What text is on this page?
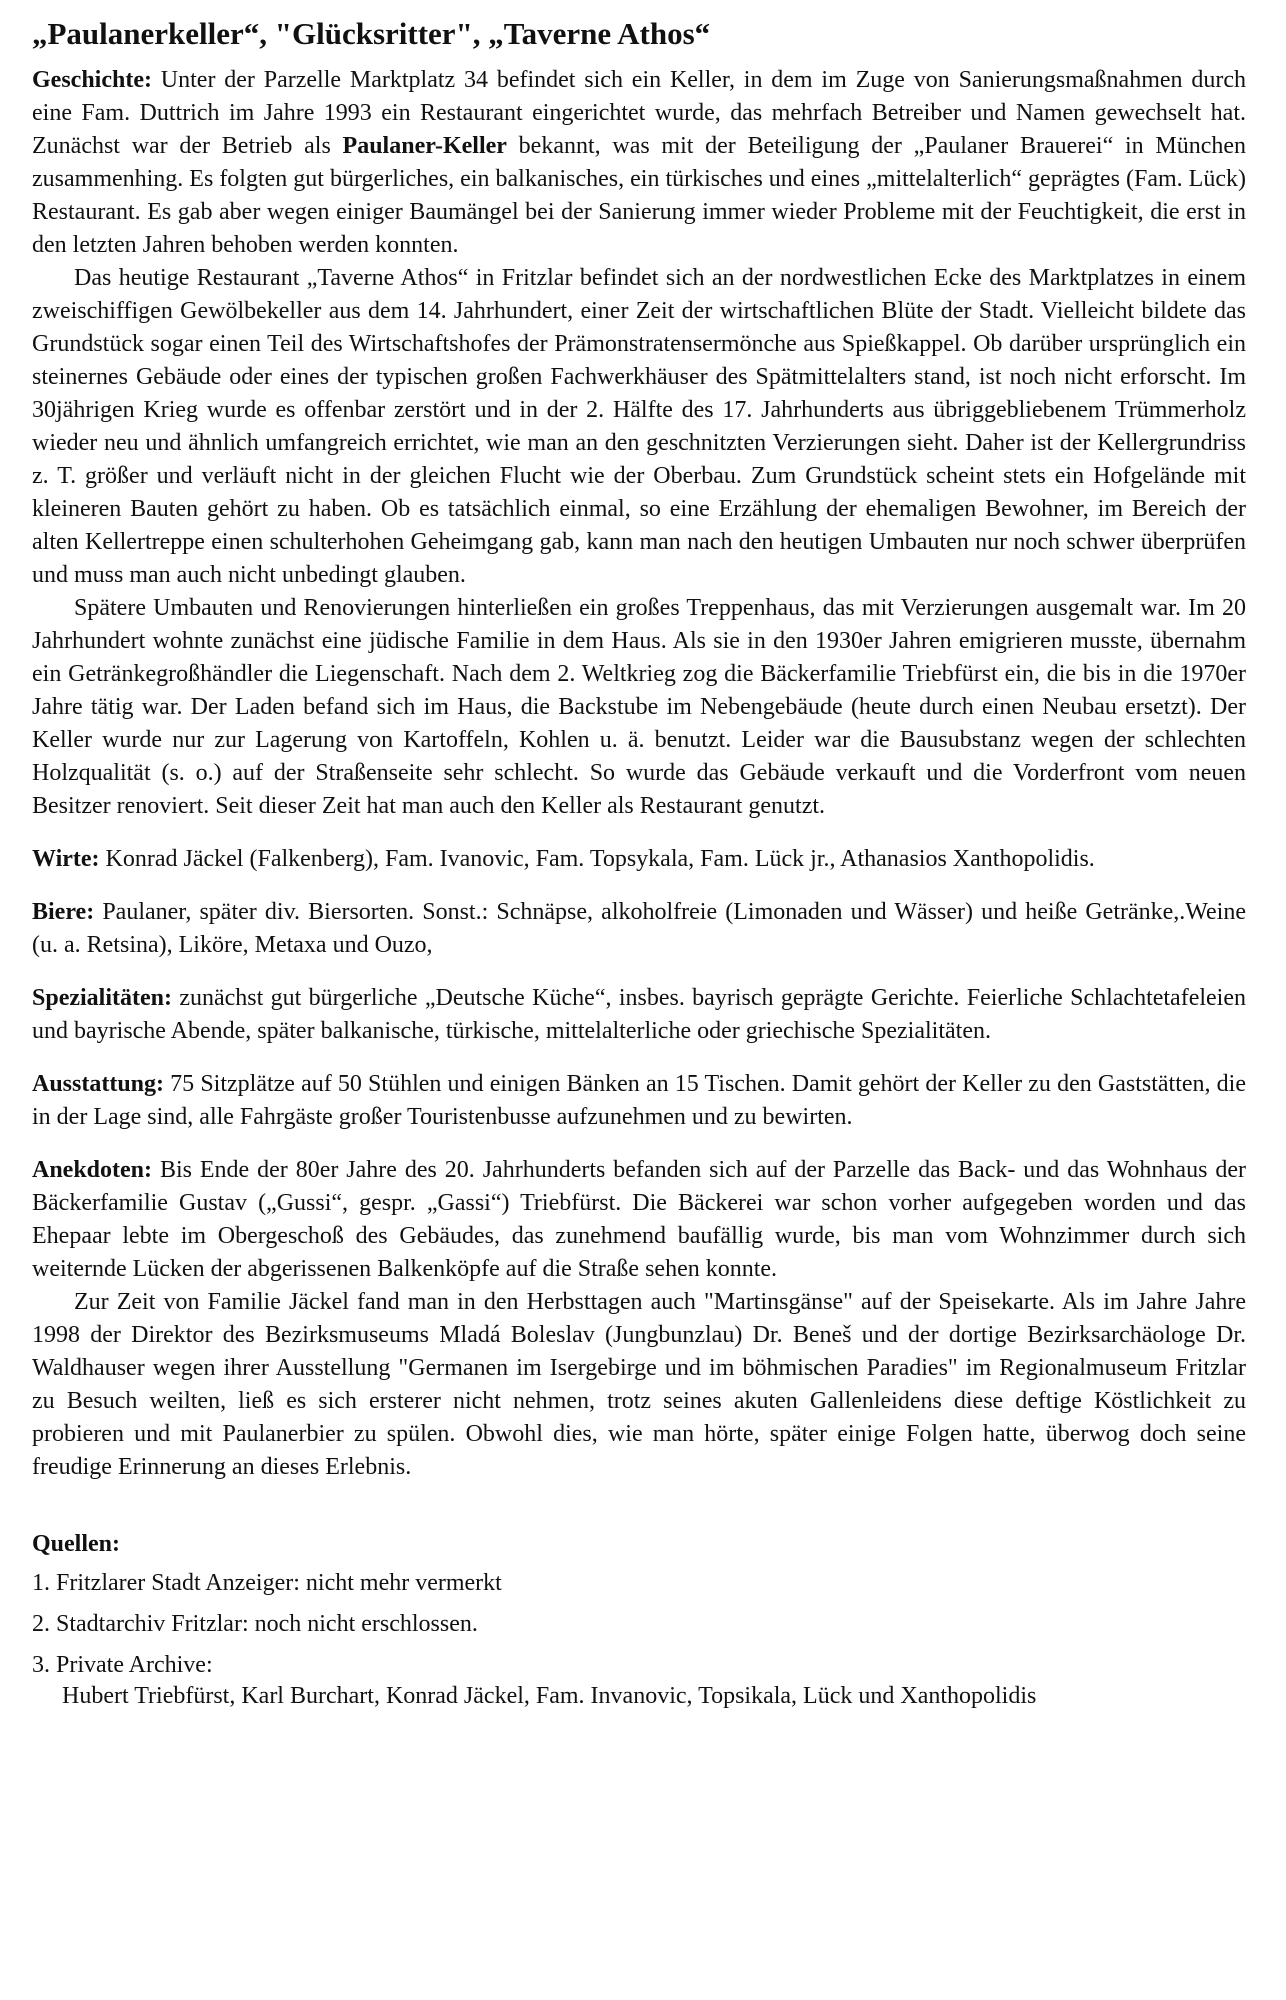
„Paulanerkeller“, "Glücksritter", „Taverne Athos“

Geschichte: Unter der Parzelle Marktplatz 34 befindet sich ein Keller, in dem im Zuge von Sanierungsmaßnahmen durch eine Fam. Duttrich im Jahre 1993 ein Restaurant eingerichtet wurde, das mehrfach Betreiber und Namen gewechselt hat. Zunächst war der Betrieb als Paulaner-Keller bekannt, was mit der Beteiligung der „Paulaner Brauerei“ in München zusammenhing. Es folgten gut bürgerliches, ein balkanisches, ein türkisches und eines „mittelalterlich“ geprägtes (Fam. Lück) Restaurant. Es gab aber wegen einiger Baumängel bei der Sanierung immer wieder Probleme mit der Feuchtigkeit, die erst in den letzten Jahren behoben werden konnten.

Das heutige Restaurant „Taverne Athos“ in Fritzlar befindet sich an der nordwestlichen Ecke des Marktplatzes in einem zweischiffigen Gewölbekeller aus dem 14. Jahrhundert, einer Zeit der wirtschaftlichen Blüte der Stadt. Vielleicht bildete das Grundstück sogar einen Teil des Wirtschaftshofes der Prämonstratensermönche aus Spießkappel. Ob darüber ursprünglich ein steinernes Gebäude oder eines der typischen großen Fachwerkhäuser des Spätmittelalters stand, ist noch nicht erforscht. Im 30jährigen Krieg wurde es offenbar zerstört und in der 2. Hälfte des 17. Jahrhunderts aus übriggebliebenem Trümmerholz wieder neu und ähnlich umfangreich errichtet, wie man an den geschnitzten Verzierungen sieht. Daher ist der Kellergrundriss z. T. größer und verläuft nicht in der gleichen Flucht wie der Oberbau. Zum Grundstück scheint stets ein Hofgelände mit kleineren Bauten gehört zu haben. Ob es tatsächlich einmal, so eine Erzählung der ehemaligen Bewohner, im Bereich der alten Kellertreppe einen schulterhohen Geheimgang gab, kann man nach den heutigen Umbauten nur noch schwer überprüfen und muss man auch nicht unbedingt glauben.

Spätere Umbauten und Renovierungen hinterließen ein großes Treppenhaus, das mit Verzierungen ausgemalt war. Im 20 Jahrhundert wohnte zunächst eine jüdische Familie in dem Haus. Als sie in den 1930er Jahren emigrieren musste, übernahm ein Getränkegroßhändler die Liegenschaft. Nach dem 2. Weltkrieg zog die Bäckerfamilie Triebfürst ein, die bis in die 1970er Jahre tätig war. Der Laden befand sich im Haus, die Backstube im Nebengebäude (heute durch einen Neubau ersetzt). Der Keller wurde nur zur Lagerung von Kartoffeln, Kohlen u. ä. benutzt. Leider war die Bausubstanz wegen der schlechten Holzqualität (s. o.) auf der Straßenseite sehr schlecht. So wurde das Gebäude verkauft und die Vorderfront vom neuen Besitzer renoviert. Seit dieser Zeit hat man auch den Keller als Restaurant genutzt.

Wirte: Konrad Jäckel (Falkenberg), Fam. Ivanovic, Fam. Topsykala, Fam. Lück jr., Athanasios Xanthopolidis.

Biere: Paulaner, später div. Biersorten. Sonst.: Schnäpse, alkoholfreie (Limonaden und Wässer) und heiße Getränke,.Weine (u. a. Retsina), Liköre, Metaxa und Ouzo,

Spezialitäten: zunächst gut bürgerliche „Deutsche Küche“, insbes. bayrisch geprägte Gerichte. Feierliche Schlachtetafeleien und bayrische Abende, später balkanische, türkische, mittelalterliche oder griechische Spezialitäten.

Ausstattung: 75 Sitzplätze auf 50 Stühlen und einigen Bänken an 15 Tischen. Damit gehört der Keller zu den Gaststätten, die in der Lage sind, alle Fahrgäste großer Touristenbusse aufzunehmen und zu bewirten.

Anekdoten: Bis Ende der 80er Jahre des 20. Jahrhunderts befanden sich auf der Parzelle das Back- und das Wohnhaus der Bäckerfamilie Gustav („Gussi“, gespr. „Gassi“) Triebfürst. Die Bäckerei war schon vorher aufgegeben worden und das Ehepaar lebte im Obergeschoß des Gebäudes, das zunehmend baufällig wurde, bis man vom Wohnzimmer durch sich weiternde Lücken der abgerissenen Balkenköpfe auf die Straße sehen konnte.

Zur Zeit von Familie Jäckel fand man in den Herbsttagen auch "Martinsgänse" auf der Speisekarte. Als im Jahre Jahre 1998 der Direktor des Bezirksmuseums Mladá Boleslav (Jungbunzlau) Dr. Beneš und der dortige Bezirksarchäologe Dr. Waldhauser wegen ihrer Ausstellung "Germanen im Isergebirge und im böhmischen Paradies" im Regionalmuseum Fritzlar zu Besuch weilten, ließ es sich ersterer nicht nehmen, trotz seines akuten Gallenleidens diese deftige Köstlichkeit zu probieren und mit Paulanerbier zu spülen. Obwohl dies, wie man hörte, später einige Folgen hatte, überwog doch seine freudige Erinnerung an dieses Erlebnis.

Quellen:
1. Fritzlarer Stadt Anzeiger: nicht mehr vermerkt
2. Stadtarchiv Fritzlar: noch nicht erschlossen.
3. Private Archive:
Hubert Triebfürst, Karl Burchart, Konrad Jäckel, Fam. Invanovic, Topsikala, Lück und Xanthopolidis
